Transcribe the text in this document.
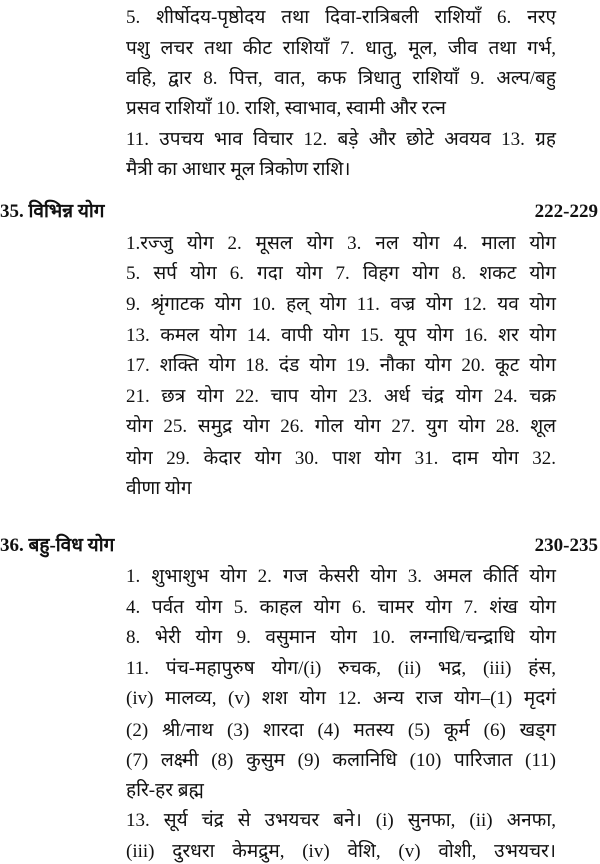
5. शीर्षोदय-पृष्ठोदय तथा दिवा-रात्रिबली राशियाँ 6. नरए
पशु लचर तथा कीट राशियाँ 7. धातु, मूल, जीव तथा गर्भ,
वहि, द्वार 8. पित्त, वात, कफ त्रिधातु राशियाँ 9. अल्प/बहु
प्रसव राशियाँ 10. राशि, स्वाभाव, स्वामी और रत्न
11. उपचय भाव विचार 12. बड़े और छोटे अवयव 13. ग्रह
मैत्री का आधार मूल त्रिकोण राशि।
35. विभिन्न योग	222-229
1.रज्जु योग 2. मूसल योग 3. नल योग 4. माला योग
5. सर्प योग 6. गदा योग 7. विहग योग 8. शकट योग
9. श्रृंगाटक योग 10. हल् योग 11. वज्र योग 12. यव योग
13. कमल योग 14. वापी योग 15. यूप योग 16. शर योग
17. शक्ति योग 18. दंड योग 19. नौका योग 20. कूट योग
21. छत्र योग 22. चाप योग 23. अर्ध चंद्र योग 24. चक्र
योग 25. समुद्र योग 26. गोल योग 27. युग योग 28. शूल
योग 29. केदार योग 30. पाश योग 31. दाम योग 32.
वीणा योग
36. बहु-विध योग	230-235
1. शुभाशुभ योग 2. गज केसरी योग 3. अमल कीर्ति योग
4. पर्वत योग 5. काहल योग 6. चामर योग 7. शंख योग
8. भेरी योग 9. वसुमान योग 10. लग्नाधि/चन्द्राधि योग
11. पंच-महापुरुष योग/(i) रुचक, (ii) भद्र, (iii) हंस,
(iv) मालव्य, (v) शश योग 12. अन्य राज योग–(1) मृदगं
(2) श्री/नाथ (3) शारदा (4) मतस्य (5) कूर्म (6) खड्ग
(7) लक्ष्मी (8) कुसुम (9) कलानिधि (10) पारिजात (11)
हरि-हर ब्रह्म
13. सूर्य चंद्र से उभयचर बने। (i) सुनफा, (ii) अनफा,
(iii) दुरधरा केमद्रुम, (iv) वेशि, (v) वोशी, उभयचर।
